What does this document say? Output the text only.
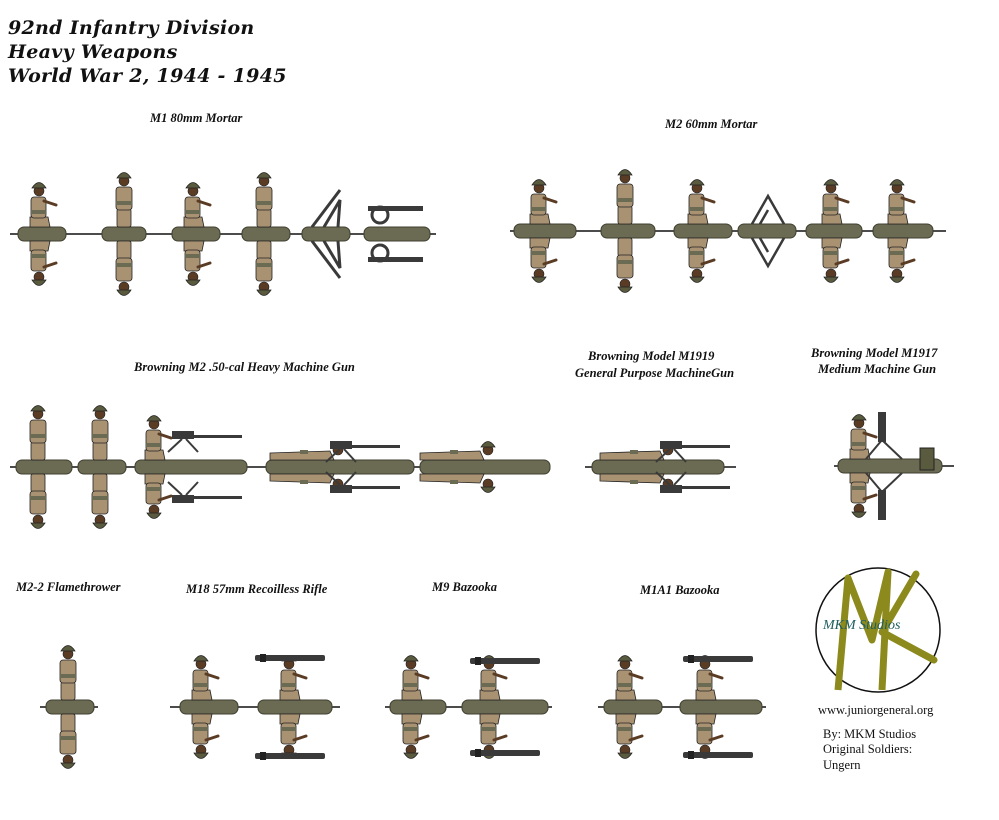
92nd Infantry Division
Heavy Weapons
World War 2, 1944 - 1945
M1 80mm Mortar	M2 60mm Mortar
Browning M2 .50-cal Heavy Machine Gun
Browning Model M1919
General Purpose MachineGun
Browning Model M1917
Medium Machine Gun
M2-2 Flamethrower	M18 57mm Recoilless Rifle	M9 Bazooka	M1A1 Bazooka
MKM Studios
www.juniorgeneral.org
By: MKM Studios
Original Soldiers:
Ungern
